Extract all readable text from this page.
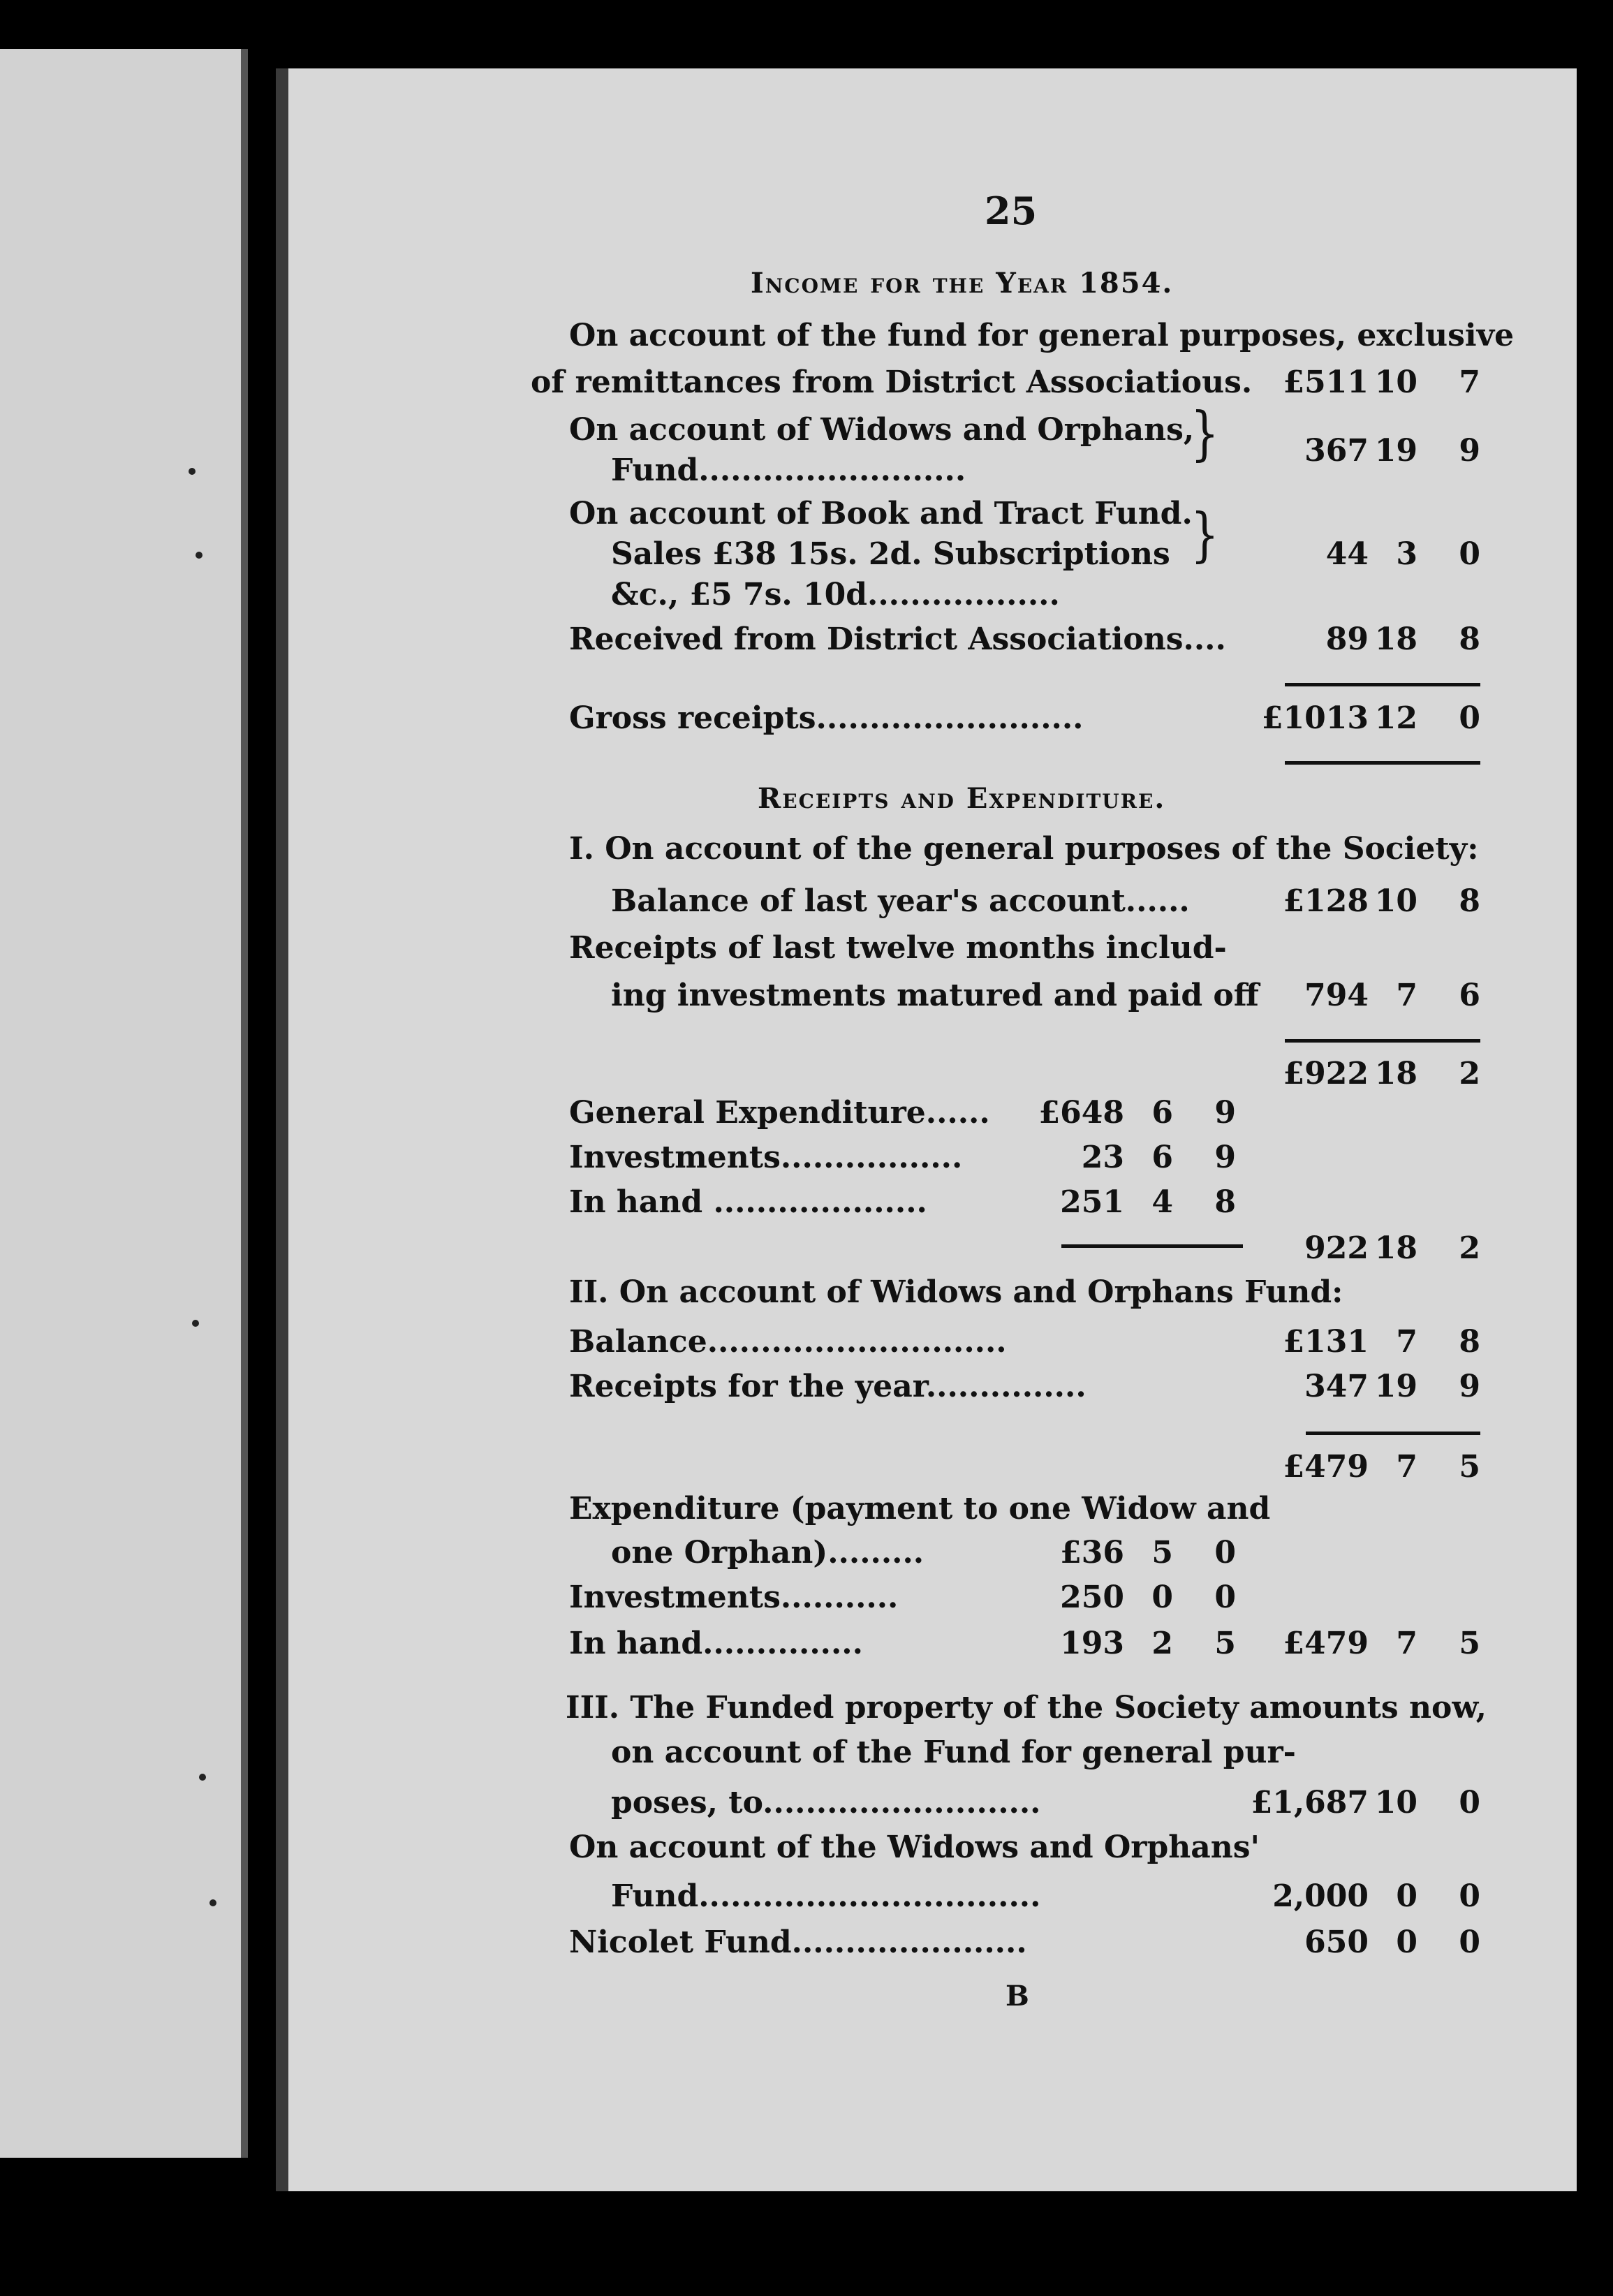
25
Income for the Year 1854.
On account of the fund for general purposes, exclusive
of remittances from District Associatious.	£511 10	7
On account of Widows and Orphans,
Fund.........................
}	367 19	9
On account of Book and Tract Fund.
Sales £38 15s. 2d. Subscriptions
&c., £5 7s. 10d..................
}	44 3	0
Received from District Associations....	89 18	8
Gross receipts.........................	£1013 12	0
Receipts and Expenditure.
I. On account of the general purposes of the Society:
Balance of last year's account......	£128 10	8
Receipts of last twelve months includ-
ing investments matured and paid off	794 7	6
£922 18	2
General Expenditure......	£648 6	9
Investments.................	23 6	9
In hand ....................	251 4	8
922 18	2
II. On account of Widows and Orphans Fund:
Balance............................	£131 7	8
Receipts for the year...............	347 19	9
£479 7	5
Expenditure (payment to one Widow and
one Orphan).........	£36 5	0
Investments...........	250 0	0
In hand...............	193 2	5	£479 7	5
III. The Funded property of the Society amounts now,
on account of the Fund for general pur-
poses, to..........................	£1,687 10	0
On account of the Widows and Orphans'
Fund................................	2,000 0	0
Nicolet Fund......................	650 0	0
B
